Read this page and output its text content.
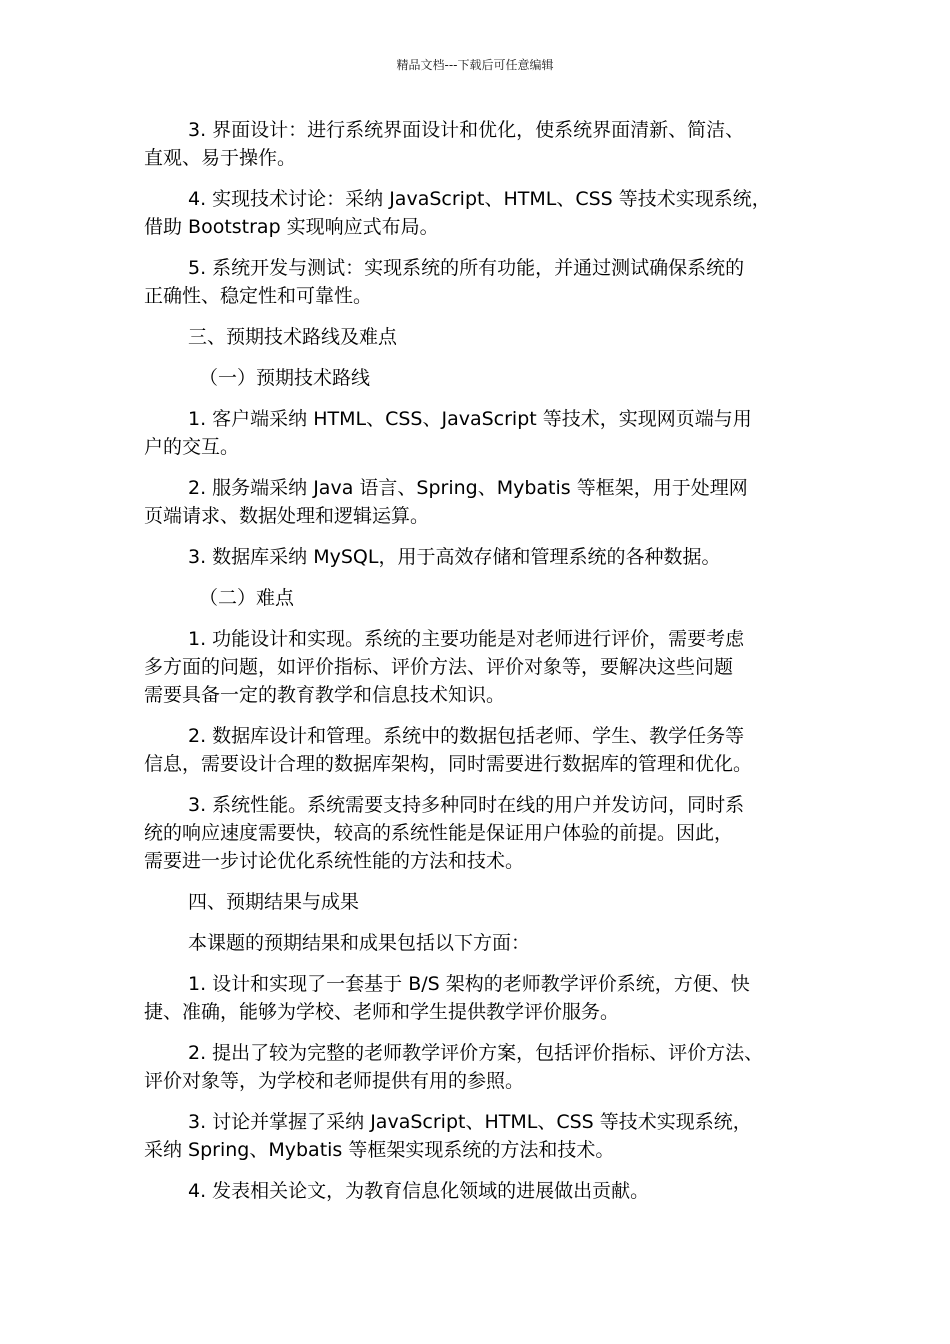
精品文档---下载后可任意编辑

3. 界面设计：进行系统界面设计和优化，使系统界面清新、简洁、
直观、易于操作。

4. 实现技术讨论：采纳 JavaScript、HTML、CSS 等技术实现系统，
借助 Bootstrap 实现响应式布局。

5. 系统开发与测试：实现系统的所有功能，并通过测试确保系统的
正确性、稳定性和可靠性。

三、预期技术路线及难点

（一）预期技术路线

1. 客户端采纳 HTML、CSS、JavaScript 等技术，实现网页端与用
户的交互。

2. 服务端采纳 Java 语言、Spring、Mybatis 等框架，用于处理网
页端请求、数据处理和逻辑运算。

3. 数据库采纳 MySQL，用于高效存储和管理系统的各种数据。

（二）难点

1. 功能设计和实现。系统的主要功能是对老师进行评价，需要考虑
多方面的问题，如评价指标、评价方法、评价对象等，要解决这些问题
需要具备一定的教育教学和信息技术知识。

2. 数据库设计和管理。系统中的数据包括老师、学生、教学任务等
信息，需要设计合理的数据库架构，同时需要进行数据库的管理和优化。

3. 系统性能。系统需要支持多种同时在线的用户并发访问，同时系
统的响应速度需要快，较高的系统性能是保证用户体验的前提。因此，
需要进一步讨论优化系统性能的方法和技术。

四、预期结果与成果

本课题的预期结果和成果包括以下方面：

1. 设计和实现了一套基于 B/S 架构的老师教学评价系统，方便、快
捷、准确，能够为学校、老师和学生提供教学评价服务。

2. 提出了较为完整的老师教学评价方案，包括评价指标、评价方法、
评价对象等，为学校和老师提供有用的参照。

3. 讨论并掌握了采纳 JavaScript、HTML、CSS 等技术实现系统，
采纳 Spring、Mybatis 等框架实现系统的方法和技术。

4. 发表相关论文，为教育信息化领域的进展做出贡献。
